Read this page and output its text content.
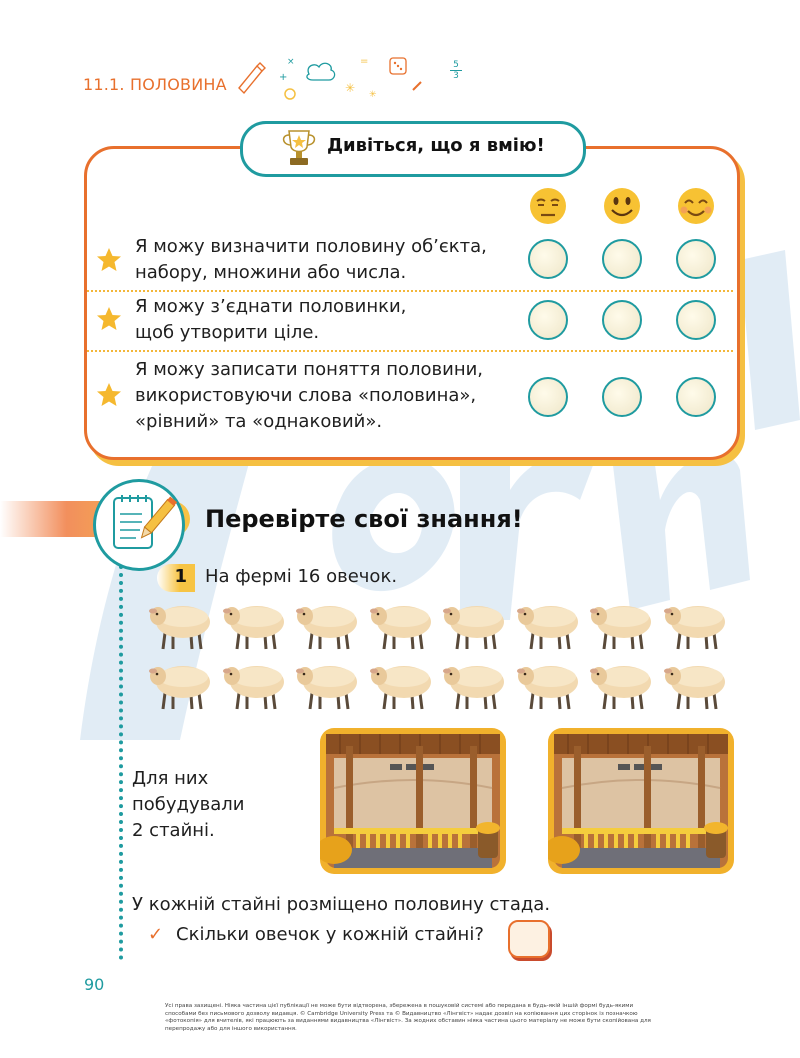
11.1. ПОЛОВИНА	+
×
✳
=
✳
5
3
Дивіться, що я вмію!
Я можу визначити половину об’єкта,
набору, множини або числа.
Я можу з’єднати половинки,
щоб утворити ціле.
Я можу записати поняття половини,
використовуючи слова «половина»,
«рівний» та «однаковий».
Перевірте свої знання!
1 На фермі 16 овечок.
Для них
побудували
2 стайні.
У кожній стайні розміщено половину стада.
✓ Скільки овечок у кожній стайні?
90
Усі права захищені. Ніяка частина цієї публікації не може бути відтворена, збережена в пошуковій системі або передана в будь-якій іншій формі будь-якими способами без письмового дозволу видавця. © Cambridge University Press та © Видавництво «Лінгвіст» надає дозвіл на копіювання цих сторінок із позначкою «фотокопія» для вчителів, які працюють за виданнями видавництва «Лінгвіст». За жодних обставин ніяка частина цього матеріалу не може бути скопійована для перепродажу або для іншого використання.
